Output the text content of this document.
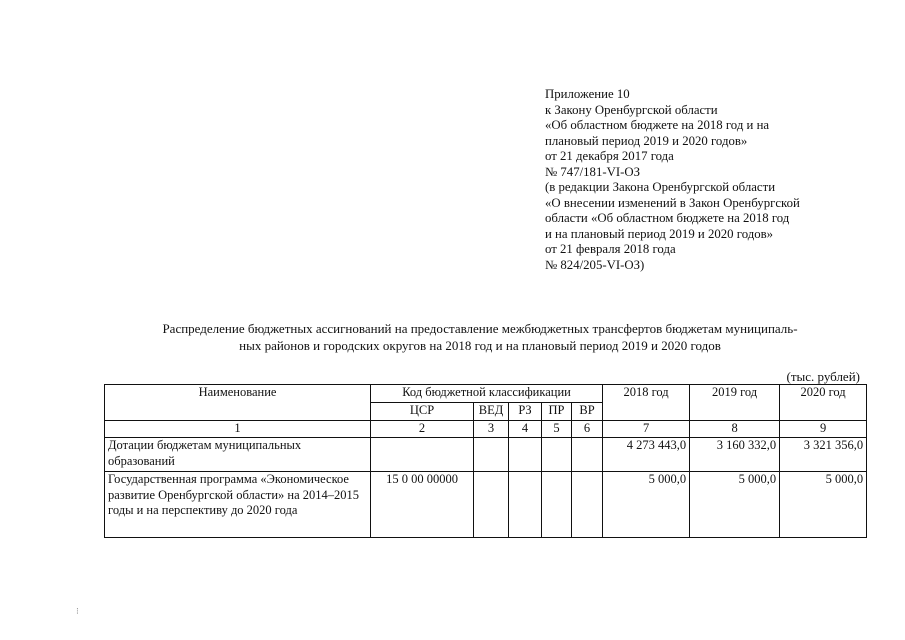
Приложение 10
к Закону Оренбургской области
«Об областном бюджете на 2018 год и на
плановый период 2019 и 2020 годов»
от 21 декабря 2017 года
№ 747/181-VI-ОЗ
(в редакции Закона Оренбургской области
«О внесении изменений в Закон Оренбургской
области «Об областном бюджете на 2018 год
и на плановый период 2019 и 2020 годов»
от 21 февраля 2018 года
№ 824/205-VI-ОЗ)
Распределение бюджетных ассигнований на предоставление межбюджетных трансфертов бюджетам муниципаль-
ных районов и городских округов на 2018 год и на плановый период 2019 и 2020 годов
(тыс. рублей)
Наименование	Код бюджетной классификации					2018 год	2019 год	2020 год
	ЦСР	ВЕД	РЗ	ПР	ВР			
1	2	3	4	5	6	7	8	9
Дотации бюджетам муниципальных образований						4 273 443,0	3 160 332,0	3 321 356,0
Государственная программа «Экономическое развитие Оренбургской области» на 2014–2015 годы и на перспективу до 2020 года	15 0 00 00000					5 000,0	5 000,0	5 000,0
⁝
